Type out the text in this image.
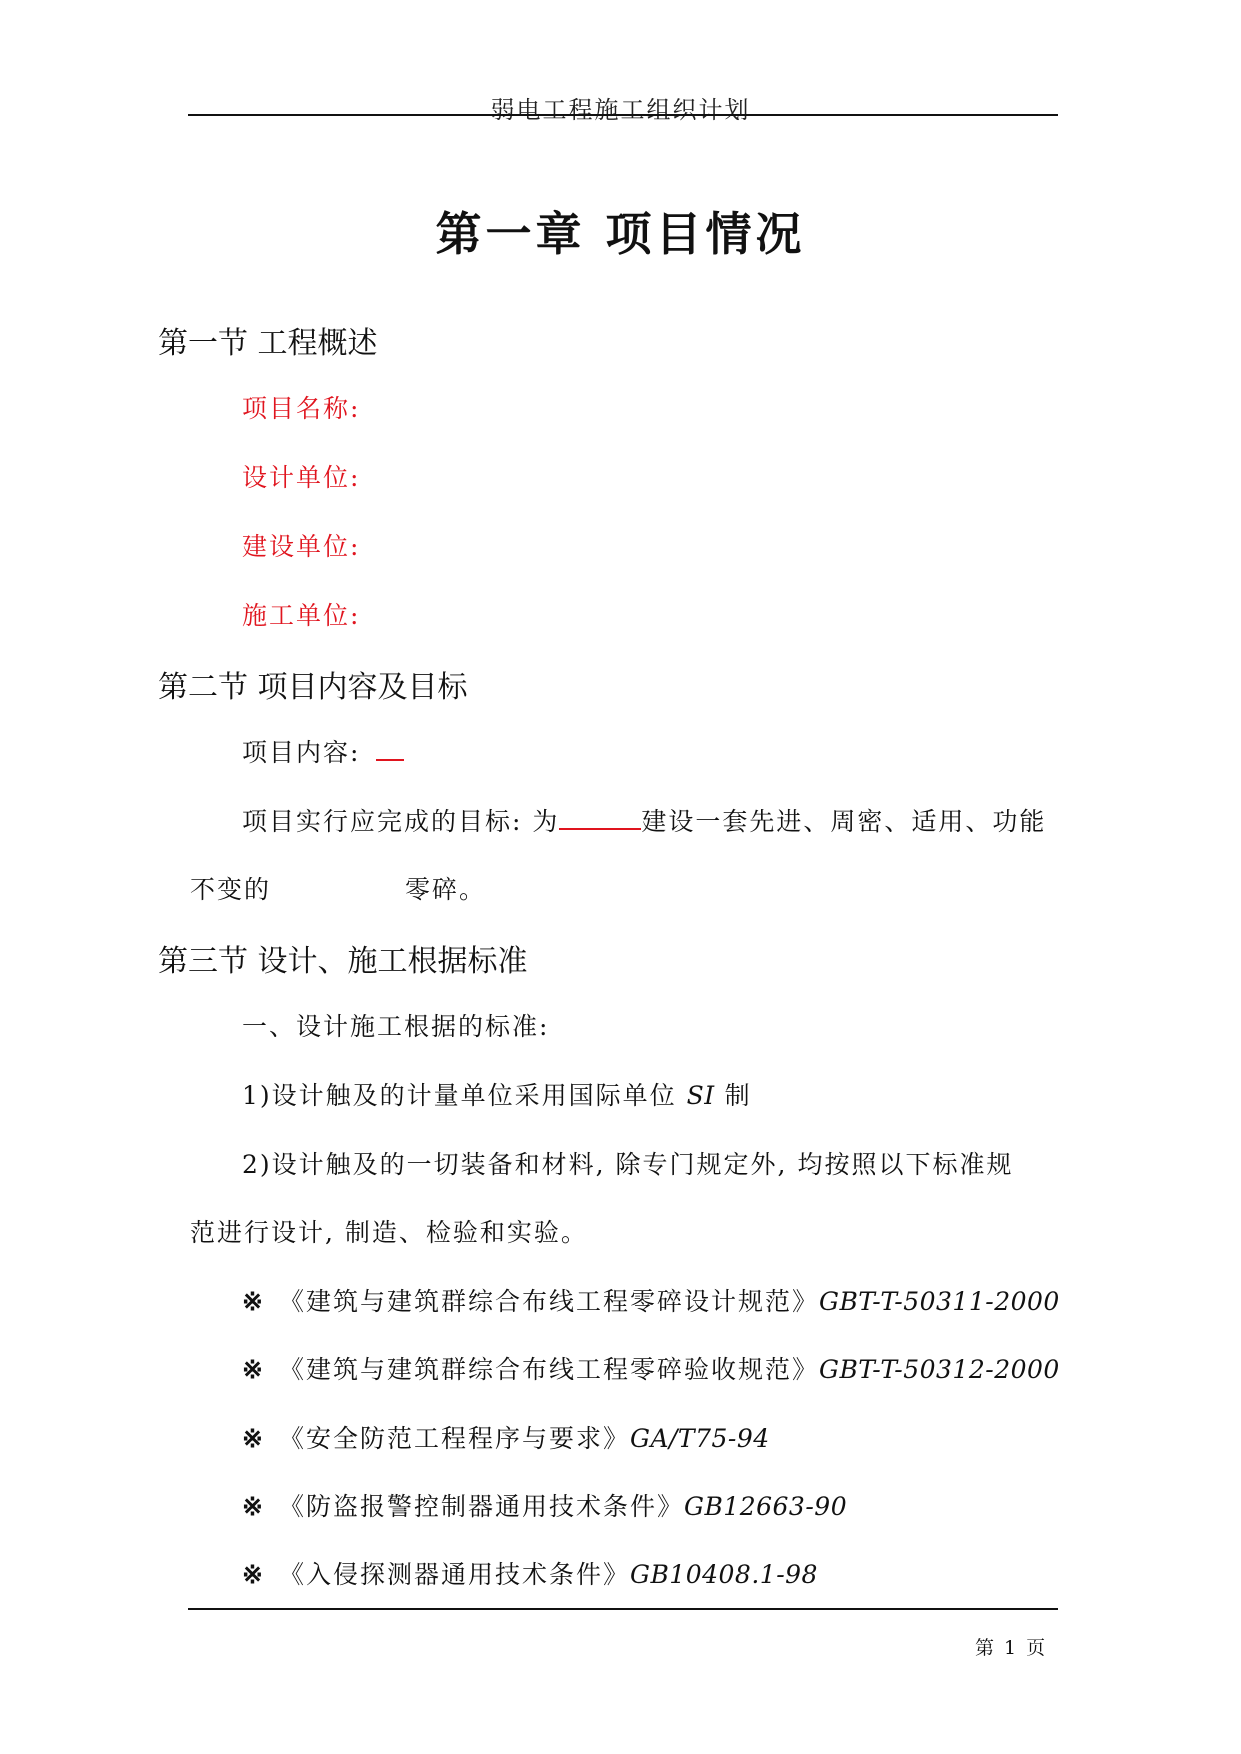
弱电工程施工组织计划
第一章 项目情况
第一节 工程概述
项目名称:
设计单位:
建设单位:
施工单位:
第二节 项目内容及目标
项目内容:
项目实行应完成的目标: 为	建设一套先进、周密、适用、功能
不变的	零碎。
第三节 设计、施工根据标准
一、设计施工根据的标准:
1)设计触及的计量单位采用国际单位 SI 制
2)设计触及的一切装备和材料, 除专门规定外, 均按照以下标准规
范进行设计, 制造、检验和实验。
※ 《建筑与建筑群综合布线工程零碎设计规范》GBT-T-50311-2000
※ 《建筑与建筑群综合布线工程零碎验收规范》GBT-T-50312-2000
※ 《安全防范工程程序与要求》GA/T75-94
※ 《防盗报警控制器通用技术条件》GB12663-90
※ 《入侵探测器通用技术条件》GB10408.1-98
第 1 页
